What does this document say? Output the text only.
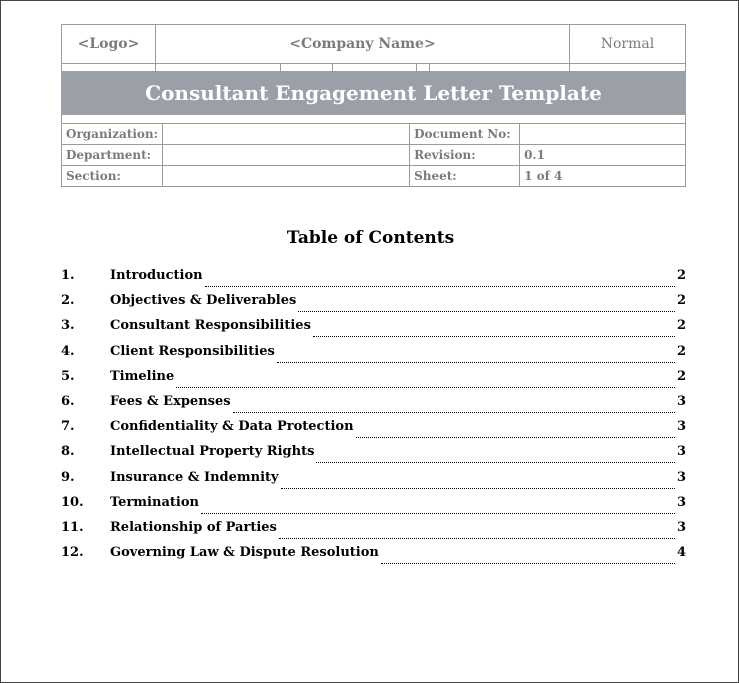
<Logo>	<Company Name>	Normal
Consultant Engagement Letter Template
Organization:		Document No:	
Department:		Revision:	0.1
Section:		Sheet:	1 of 4
Table of Contents
1.	Introduction	2
2.	Objectives & Deliverables	2
3.	Consultant Responsibilities	2
4.	Client Responsibilities	2
5.	Timeline	2
6.	Fees & Expenses	3
7.	Confidentiality & Data Protection	3
8.	Intellectual Property Rights	3
9.	Insurance & Indemnity	3
10.	Termination	3
11.	Relationship of Parties	3
12.	Governing Law & Dispute Resolution	4
